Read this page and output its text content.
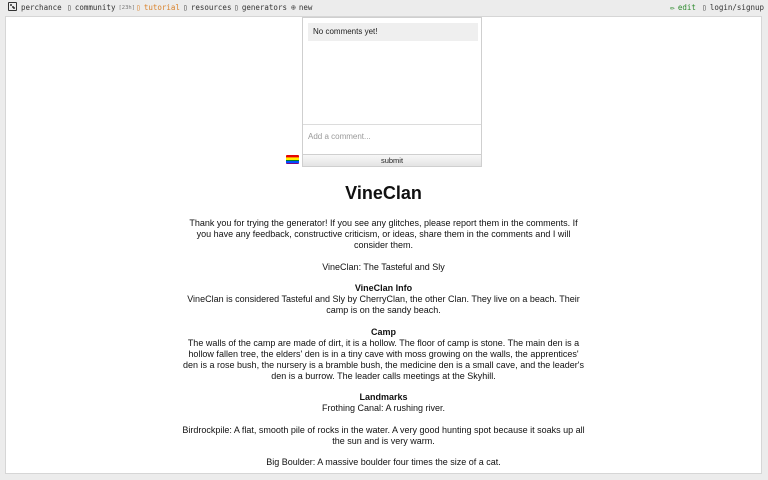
perchance ▯ community [23h] ▯ tutorial ▯ resources ▯ generators ⊕ new	✏ edit ▯ login/signup
No comments yet!
Add a comment...
submit
VineClan

Thank you for trying the generator! If you see any glitches, please report them in the comments. If you have any feedback, constructive criticism, or ideas, share them in the comments and I will consider them.

VineClan: The Tasteful and Sly

VineClan Info
VineClan is considered Tasteful and Sly by CherryClan, the other Clan. They live on a beach. Their camp is on the sandy beach.

Camp
The walls of the camp are made of dirt, it is a hollow. The floor of camp is stone. The main den is a hollow fallen tree, the elders' den is in a tiny cave with moss growing on the walls, the apprentices' den is a rose bush, the nursery is a bramble bush, the medicine den is a small cave, and the leader's den is a burrow. The leader calls meetings at the Skyhill.

Landmarks
Frothing Canal: A rushing river.

Birdrockpile: A flat, smooth pile of rocks in the water. A very good hunting spot because it soaks up all the sun and is very warm.

Big Boulder: A massive boulder four times the size of a cat.
